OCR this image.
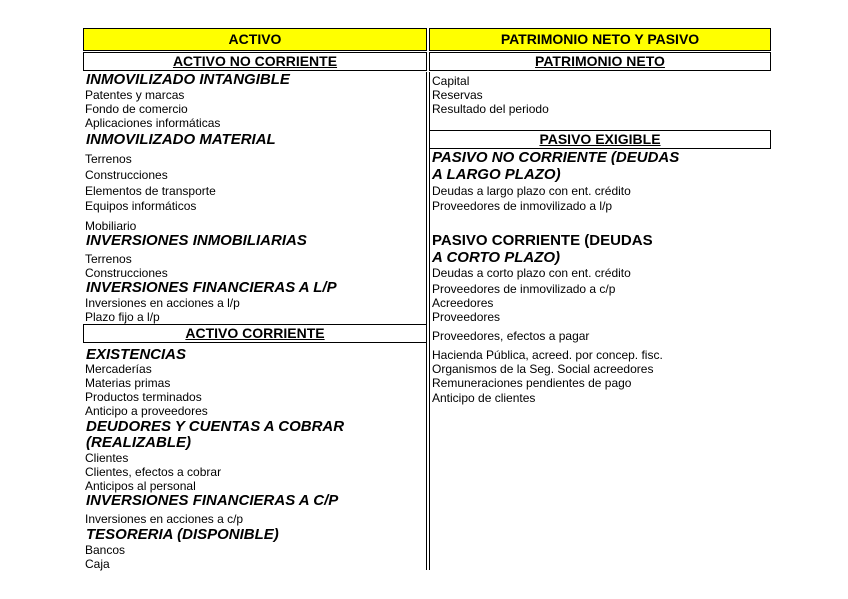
ACTIVO	PATRIMONIO NETO Y PASIVO
ACTIVO NO CORRIENTE	PATRIMONIO NETO
INMOVILIZADO INTANGIBLE
Patentes y marcas
Fondo de comercio
Aplicaciones informáticas
INMOVILIZADO MATERIAL
Terrenos
Construcciones
Elementos de transporte
Equipos informáticos
Mobiliario
INVERSIONES INMOBILIARIAS
Terrenos
Construcciones
INVERSIONES FINANCIERAS A L/P
Inversiones en acciones a l/p
Plazo fijo a l/p
ACTIVO CORRIENTE
EXISTENCIAS
Mercaderías
Materias primas
Productos terminados
Anticipo a proveedores
DEUDORES Y CUENTAS A COBRAR
(REALIZABLE)
Clientes
Clientes, efectos a cobrar
Anticipos al personal
INVERSIONES FINANCIERAS A C/P
Inversiones en acciones a c/p
TESORERIA (DISPONIBLE)
Bancos
Caja
Capital
Reservas
Resultado del periodo
PASIVO EXIGIBLE
PASIVO NO CORRIENTE (DEUDAS
A LARGO PLAZO)
Deudas a largo plazo con ent. crédito
Proveedores de inmovilizado a l/p
PASIVO CORRIENTE (DEUDAS
A CORTO PLAZO)
Deudas a corto plazo con ent. crédito
Proveedores de inmovilizado a c/p
Acreedores
Proveedores
Proveedores, efectos a pagar
Hacienda Pública, acreed. por concep. fisc.
Organismos de la Seg. Social acreedores
Remuneraciones pendientes de pago
Anticipo de clientes
